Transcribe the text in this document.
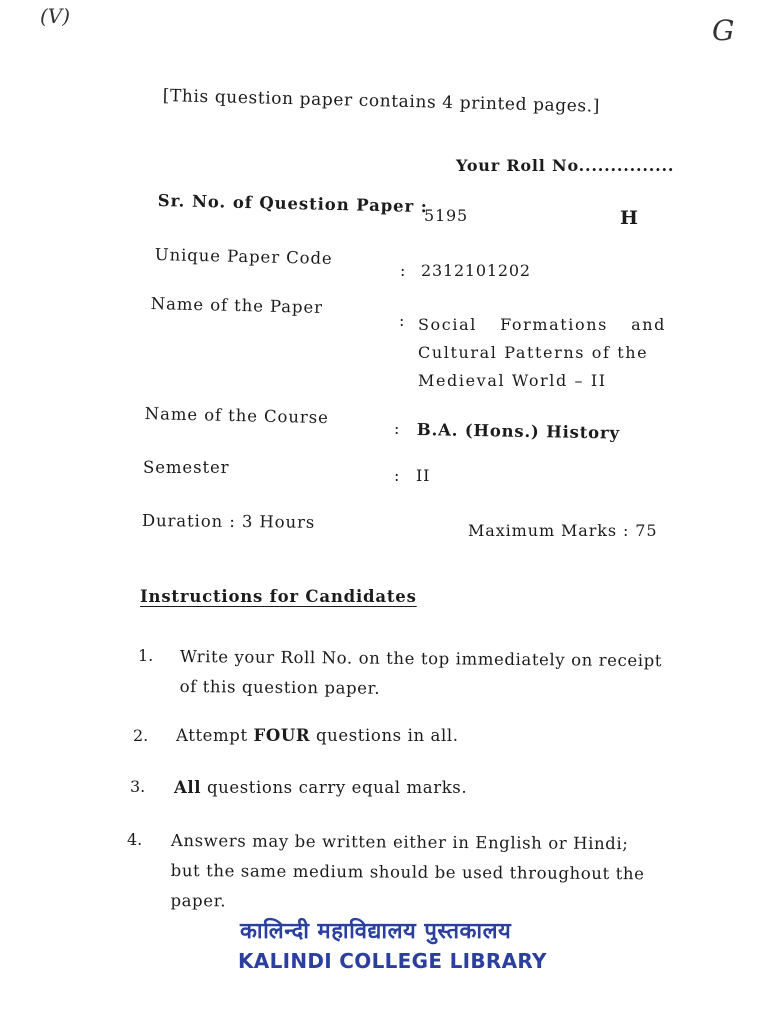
(V)	G
[This question paper contains 4 printed pages.]
Your Roll No...............
Sr. No. of Question Paper :
5195	H
Unique Paper Code
: 2312101202
Name of the Paper
: Social Formations and
Cultural Patterns of the
Medieval World – II
Name of the Course
: B.A. (Hons.) History
Semester	: II
Duration : 3 Hours	Maximum Marks : 75
Instructions for Candidates
1. Write your Roll No. on the top immediately on receipt
of this question paper.
2. Attempt FOUR questions in all.
3. All questions carry equal marks.
4. Answers may be written either in English or Hindi;
but the same medium should be used throughout the
paper.
कालिन्दी महाविद्यालय पुस्तकालय
KALINDI COLLEGE LIBRARY
